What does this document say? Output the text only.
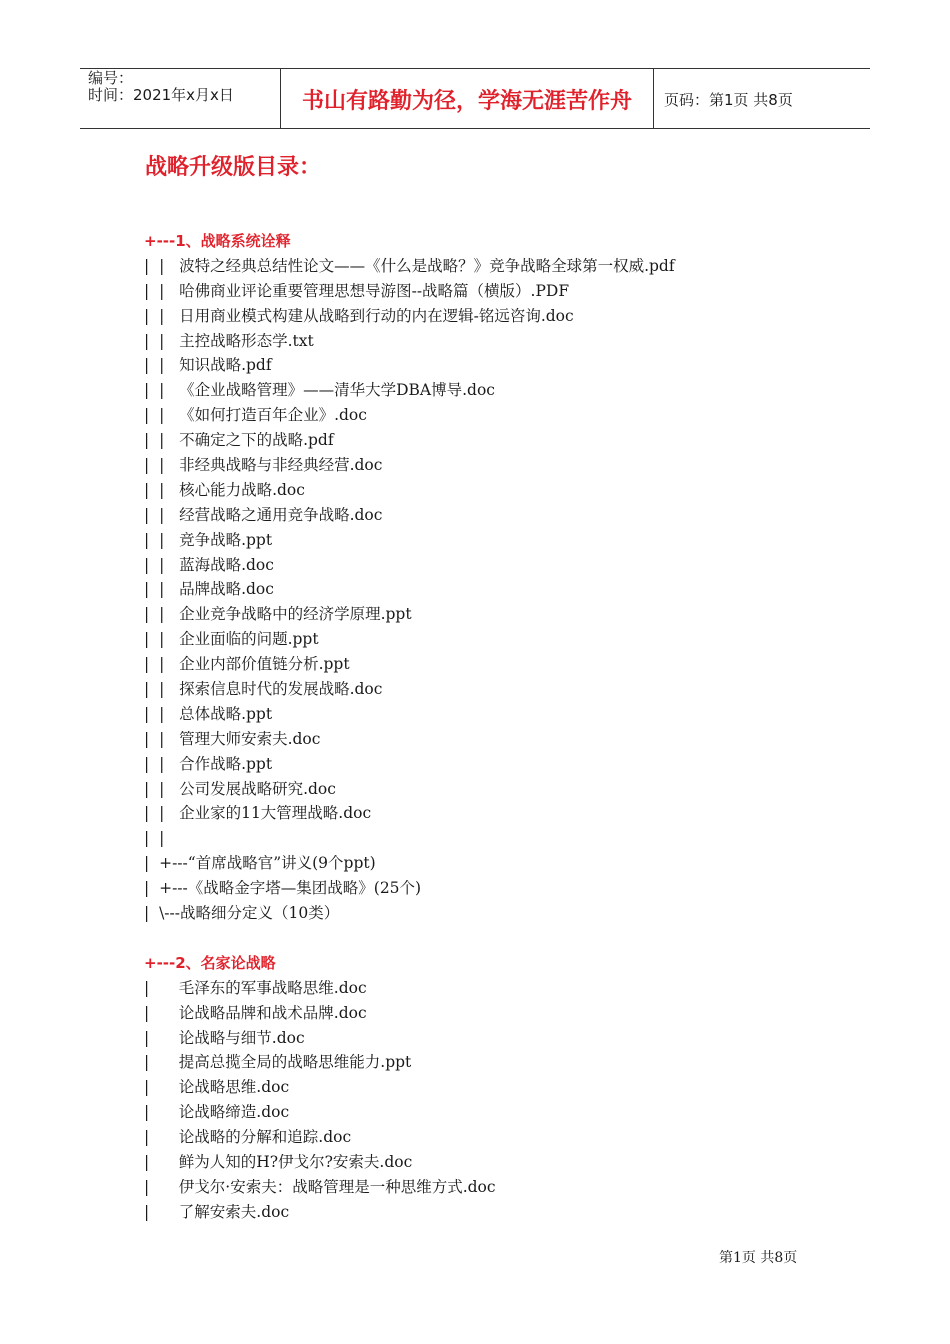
编号：
时间：2021年x月x日	书山有路勤为径，学海无涯苦作舟	页码：第1页 共8页
战略升级版目录：
+---1、战略系统诠释
|  |   波特之经典总结性论文——《什么是战略？》竞争战略全球第一权威.pdf
|  |   哈佛商业评论重要管理思想导游图--战略篇（横版）.PDF
|  |   日用商业模式构建从战略到行动的内在逻辑-铭远咨询.doc
|  |   主控战略形态学.txt
|  |   知识战略.pdf
|  |   《企业战略管理》——清华大学DBA博导.doc
|  |   《如何打造百年企业》.doc
|  |   不确定之下的战略.pdf
|  |   非经典战略与非经典经营.doc
|  |   核心能力战略.doc
|  |   经营战略之通用竞争战略.doc
|  |   竞争战略.ppt
|  |   蓝海战略.doc
|  |   品牌战略.doc
|  |   企业竞争战略中的经济学原理.ppt
|  |   企业面临的问题.ppt
|  |   企业内部价值链分析.ppt
|  |   探索信息时代的发展战略.doc
|  |   总体战略.ppt
|  |   管理大师安索夫.doc
|  |   合作战略.ppt
|  |   公司发展战略研究.doc
|  |   企业家的11大管理战略.doc
|  |
|  +---“首席战略官”讲义(9个ppt)
|  +---《战略金字塔—集团战略》(25个)
|  \---战略细分定义（10类）
+---2、名家论战略
|      毛泽东的军事战略思维.doc
|      论战略品牌和战术品牌.doc
|      论战略与细节.doc
|      提高总揽全局的战略思维能力.ppt
|      论战略思维.doc
|      论战略缔造.doc
|      论战略的分解和追踪.doc
|      鲜为人知的H?伊戈尔?安索夫.doc
|      伊戈尔·安索夫：战略管理是一种思维方式.doc
|      了解安索夫.doc
第1页 共8页
